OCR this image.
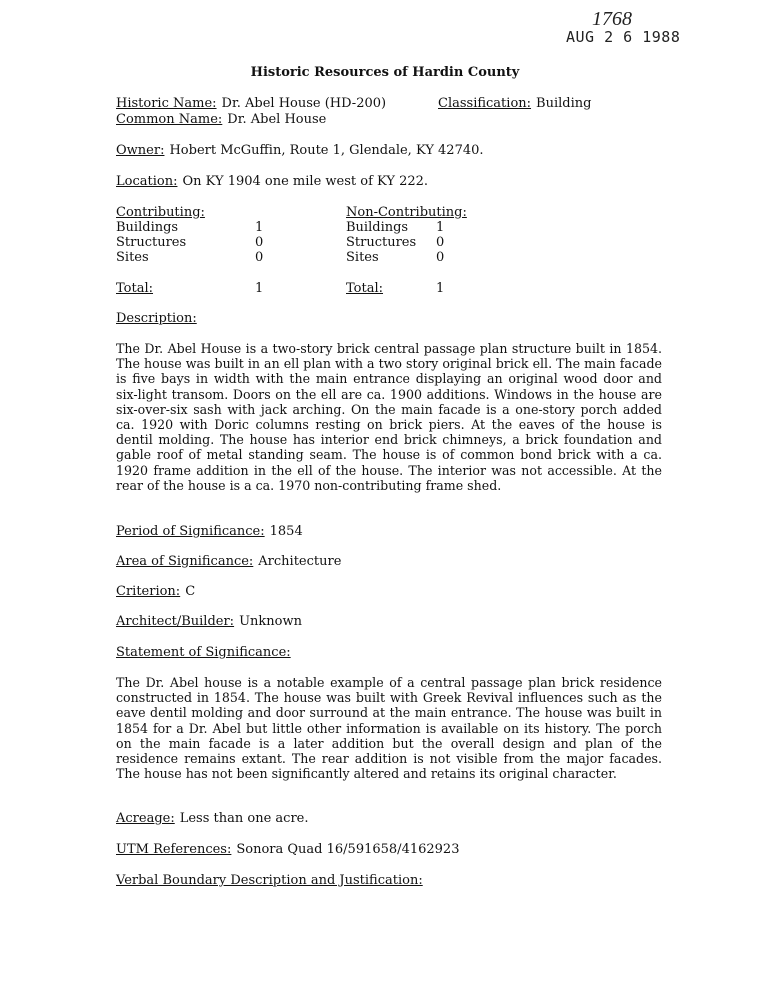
1768
AUG 2 6 1988
Historic Resources of Hardin County
Historic Name: Dr. Abel House (HD-200)	Classification: Building
Common Name: Dr. Abel House
Owner: Hobert McGuffin, Route 1, Glendale, KY 42740.
Location: On KY 1904 one mile west of KY 222.
Contributing:
Buildings	1
Structures	0
Sites	0
Total:	1
Non-Contributing:
Buildings 1
Structures 0
Sites	0
Total:	1
Description:
The Dr. Abel House is a two-story brick central passage plan structure built in 1854. The house was built in an ell plan with a two story original brick ell. The main facade is five bays in width with the main entrance displaying an original wood door and six-light transom. Doors on the ell are ca. 1900 additions. Windows in the house are six-over-six sash with jack arching. On the main facade is a one-story porch added ca. 1920 with Doric columns resting on brick piers. At the eaves of the house is dentil molding. The house has interior end brick chimneys, a brick foundation and gable roof of metal standing seam. The house is of common bond brick with a ca. 1920 frame addition in the ell of the house. The interior was not accessible. At the rear of the house is a ca. 1970 non-contributing frame shed.
Period of Significance: 1854
Area of Significance: Architecture
Criterion: C
Architect/Builder: Unknown
Statement of Significance:
The Dr. Abel house is a notable example of a central passage plan brick residence constructed in 1854. The house was built with Greek Revival influences such as the eave dentil molding and door surround at the main entrance. The house was built in 1854 for a Dr. Abel but little other information is available on its history. The porch on the main facade is a later addition but the overall design and plan of the residence remains extant. The rear addition is not visible from the major facades. The house has not been significantly altered and retains its original character.
Acreage: Less than one acre.
UTM References: Sonora Quad 16/591658/4162923
Verbal Boundary Description and Justification:
